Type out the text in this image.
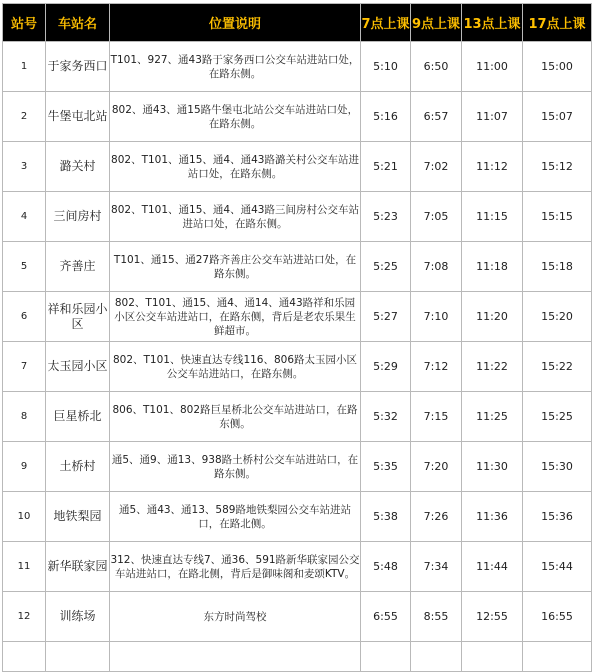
站号	车站名	位置说明	7点上课	9点上课	13点上课	17点上课
1	于家务西口	T101、927、通43路于家务西口公交车站进站口处，在路东侧。	5:10	6:50	11:00	15:00
2	牛堡屯北站	802、通43、通15路牛堡屯北站公交车站进站口处，在路东侧。	5:16	6:57	11:07	15:07
3	潞关村	802、T101、通15、通4、通43路潞关村公交车站进站口处，在路东侧。	5:21	7:02	11:12	15:12
4	三间房村	802、T101、通15、通4、通43路三间房村公交车站进站口处，在路东侧。	5:23	7:05	11:15	15:15
5	齐善庄	T101、通15、通27路齐善庄公交车站进站口处，在路东侧。	5:25	7:08	11:18	15:18
6	祥和乐园小区	802、T101、通15、通4、通14、通43路祥和乐园小区公交车站进站口，在路东侧，背后是老农乐果生鲜超市。	5:27	7:10	11:20	15:20
7	太玉园小区	802、T101、快速直达专线116、806路太玉园小区公交车站进站口，在路东侧。	5:29	7:12	11:22	15:22
8	巨星桥北	806、T101、802路巨星桥北公交车站进站口，在路东侧。	5:32	7:15	11:25	15:25
9	土桥村	通5、通9、通13、938路土桥村公交车站进站口，在路东侧。	5:35	7:20	11:30	15:30
10	地铁梨园	通5、通43、通13、589路地铁梨园公交车站进站口，在路北侧。	5:38	7:26	11:36	15:36
11	新华联家园	312、快速直达专线7、通36、591路新华联家园公交车站进站口，在路北侧，背后是御味阁和麦颂KTV。	5:48	7:34	11:44	15:44
12	训练场	东方时尚驾校	6:55	8:55	12:55	16:55
